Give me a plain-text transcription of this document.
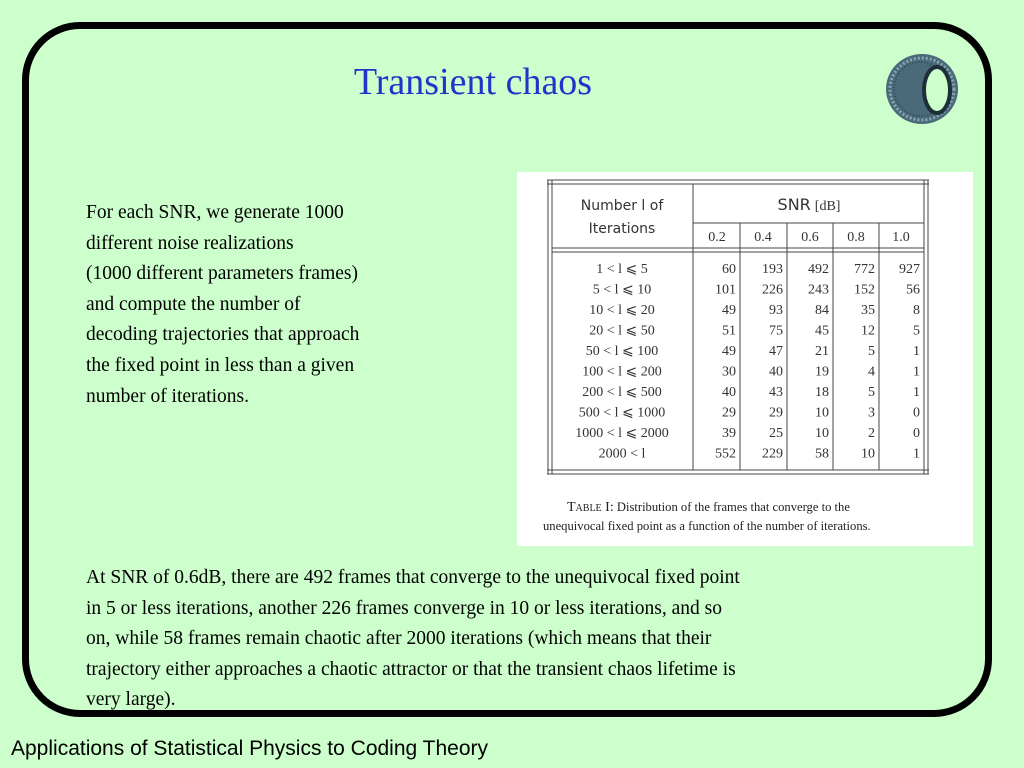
Transient chaos
For each SNR, we generate 1000
different noise realizations
(1000 different parameters frames)
and compute the number of
decoding trajectories that approach
the fixed point in less than a given
number of iterations.
Number l of
Iterations
SNR [dB]
0.2 0.4 0.6 0.8 1.0
1 < l ⩽ 5	60 193 492 772 927
5 < l ⩽ 10	101 226 243 152 56
10 < l ⩽ 20	49 93 84 35	8
20 < l ⩽ 50	51 75 45 12	5
50 < l ⩽ 100	49 47 21	5	1
100 < l ⩽ 200	30 40 19	4	1
200 < l ⩽ 500	40 43 18	5	1
500 < l ⩽ 1000	29 29 10	3	0
1000 < l ⩽ 2000	39 25 10	2	0
2000 < l	552 229 58 10	1
Table I: Distribution of the frames that converge to the
unequivocal fixed point as a function of the number of iterations.
At SNR of 0.6dB, there are 492 frames that converge to the unequivocal fixed point
in 5 or less iterations, another 226 frames converge in 10 or less iterations, and so
on, while 58 frames remain chaotic after 2000 iterations (which means that their
trajectory either approaches a chaotic attractor or that the transient chaos lifetime is
very large).
Applications of Statistical Physics to Coding Theory
